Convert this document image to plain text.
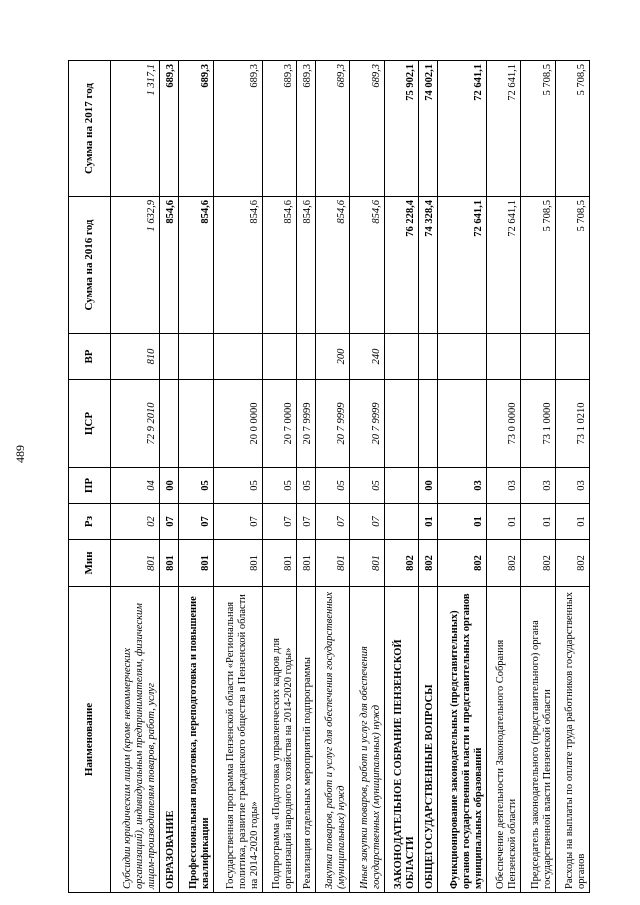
489
Наименование	Мин	Рз	ПР	ЦСР	ВР	Сумма на 2016 год	Сумма на 2017 год
Субсидии юридическим лицам (кроме некоммерческих организаций), индивидуальным предпринимателям, физическим лицам-производителям товаров, работ, услуг	801	02	04	72 9 2010	810	1 632,9	1 317,1
ОБРАЗОВАНИЕ	801	07	00			854,6	689,3
Профессиональная подготовка, переподготовка и повышение квалификации	801	07	05			854,6	689,3
Государственная программа Пензенской области «Региональная политика, развитие гражданского общества в Пензенской области на 2014-2020 годы»	801	07	05	20 0 0000		854,6	689,3
Подпрограмма «Подготовка управленческих кадров для организаций народного хозяйства на 2014-2020 годы»	801	07	05	20 7 0000		854,6	689,3
Реализация отдельных мероприятий подпрограммы	801	07	05	20 7 9999		854,6	689,3
Закупка товаров, работ и услуг для обеспечения государственных (муниципальных) нужд	801	07	05	20 7 9999	200	854,6	689,3
Иные закупки товаров, работ и услуг для обеспечения государственных (муниципальных) нужд	801	07	05	20 7 9999	240	854,6	689,3
ЗАКОНОДАТЕЛЬНОЕ СОБРАНИЕ ПЕНЗЕНСКОЙ ОБЛАСТИ	802					76 228,4	75 902,1
ОБЩЕГОСУДАРСТВЕННЫЕ ВОПРОСЫ	802	01	00			74 328,4	74 002,1
Функционирование законодательных (представительных) органов государственной власти и представительных органов муниципальных образований	802	01	03			72 641,1	72 641,1
Обеспечение деятельности Законодательного Собрания Пензенской области	802	01	03	73 0 0000		72 641,1	72 641,1
Председатель законодательного (представительного) органа государственной власти Пензенской области	802	01	03	73 1 0000		5 708,5	5 708,5
Расходы на выплаты по оплате труда работников государственных органов	802	01	03	73 1 0210		5 708,5	5 708,5
